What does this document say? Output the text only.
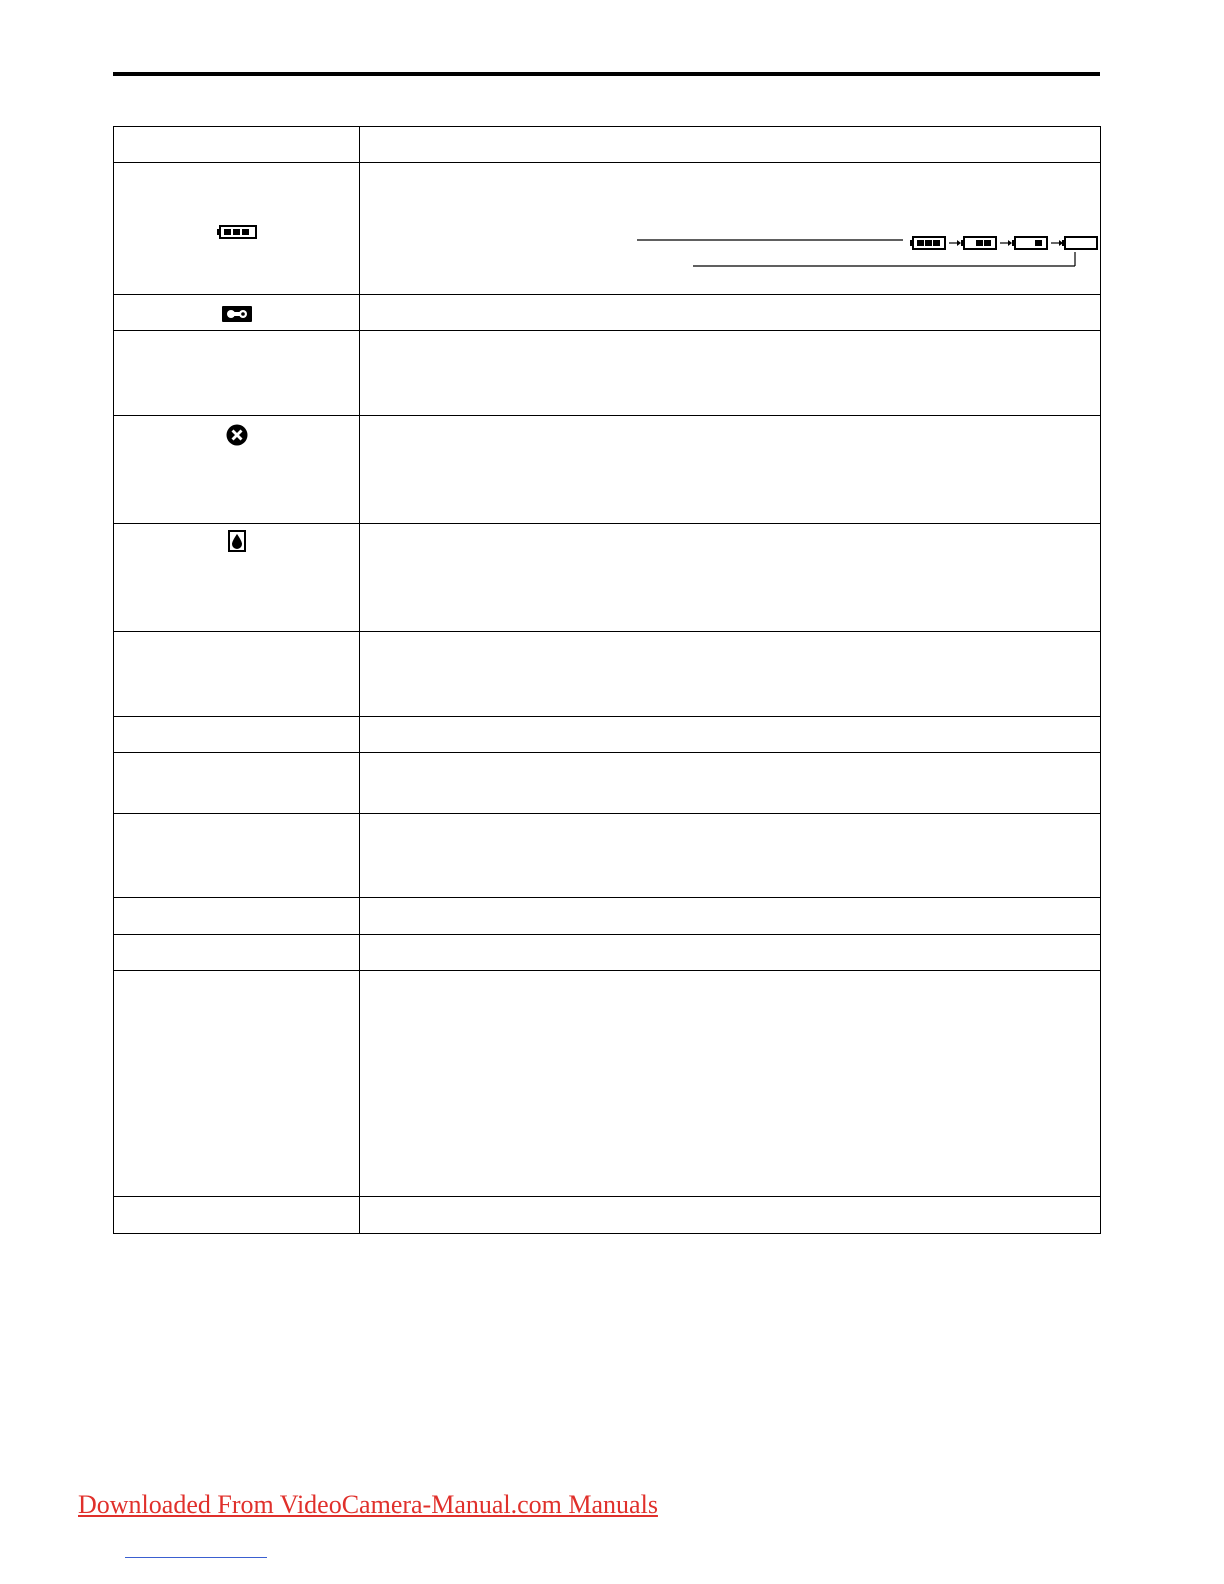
Downloaded From VideoCamera-Manual.com Manuals
